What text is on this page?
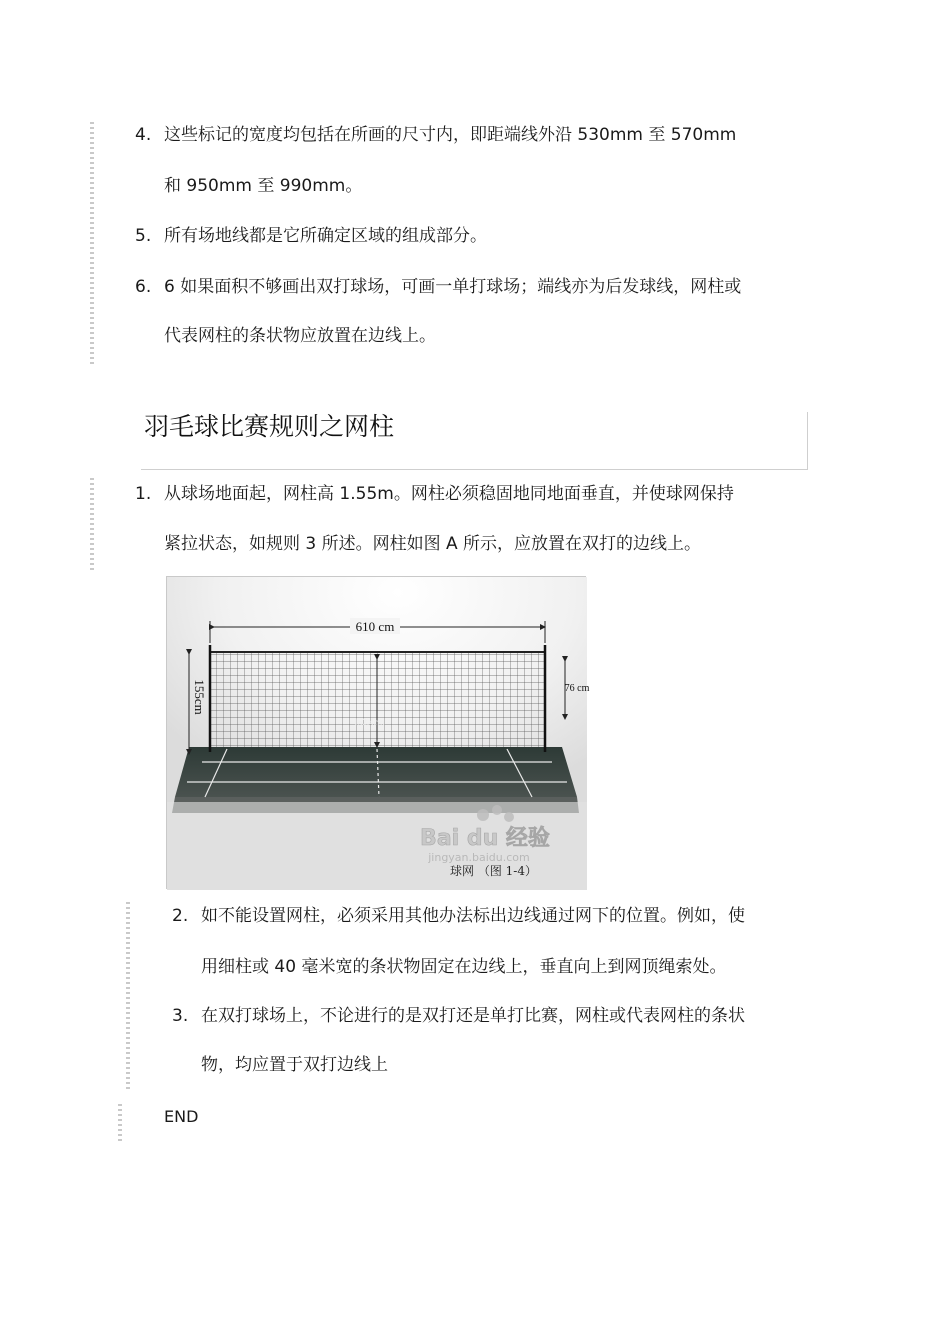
4. 这些标记的宽度均包括在所画的尺寸内，即距端线外沿 530mm 至 570mm
和 950mm 至 990mm。
5. 所有场地线都是它所确定区域的组成部分。
6. 6 如果面积不够画出双打球场，可画一单打球场；端线亦为后发球线，网柱或
代表网柱的条状物应放置在边线上。
羽毛球比赛规则之网柱
1. 从球场地面起，网柱高 1.55m。网柱必须稳固地同地面垂直，并使球网保持
紧拉状态，如规则 3 所述。网柱如图 A 所示，应放置在双打的边线上。
610 cm
155cm	76 cm
152.4cm
Bai du 经验
jingyan.baidu.com
球网 （图 1-4）
2. 如不能设置网柱，必须采用其他办法标出边线通过网下的位置。例如，使
用细柱或 40 毫米宽的条状物固定在边线上，垂直向上到网顶绳索处。
3. 在双打球场上，不论进行的是双打还是单打比赛，网柱或代表网柱的条状
物，均应置于双打边线上
END
